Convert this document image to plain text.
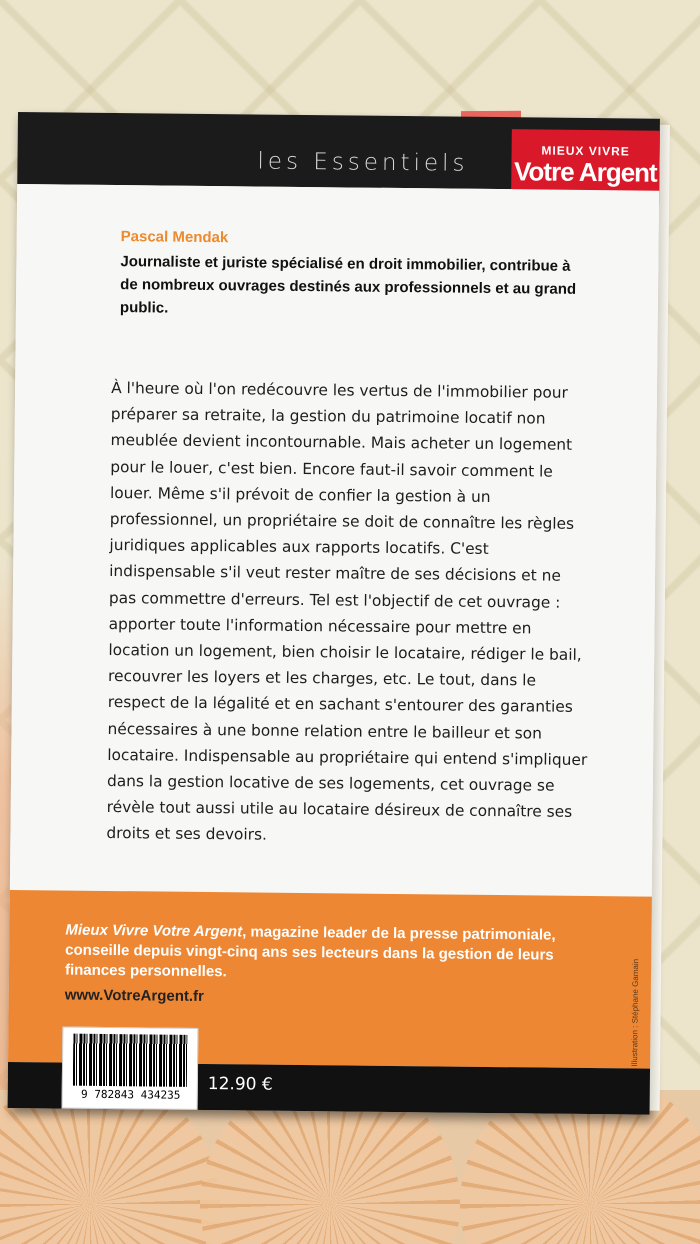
les Essentiels	MIEUX VIVRE
Votre Argent
Pascal Mendak
Journaliste et juriste spécialisé en droit immobilier, contribue à de nombreux ouvrages destinés aux professionnels et au grand public.

À l'heure où l'on redécouvre les vertus de l'immobilier pour préparer sa retraite, la gestion du patrimoine locatif non meublée devient incontournable. Mais acheter un logement pour le louer, c'est bien. Encore faut-il savoir comment le louer. Même s'il prévoit de confier la gestion à un professionnel, un propriétaire se doit de connaître les règles juridiques applicables aux rapports locatifs. C'est indispensable s'il veut rester maître de ses décisions et ne pas commettre d'erreurs. Tel est l'objectif de cet ouvrage : apporter toute l'information nécessaire pour mettre en location un logement, bien choisir le locataire, rédiger le bail, recouvrer les loyers et les charges, etc. Le tout, dans le respect de la légalité et en sachant s'entourer des garanties nécessaires à une bonne relation entre le bailleur et son locataire. Indispensable au propriétaire qui entend s'impliquer dans la gestion locative de ses logements, cet ouvrage se révèle tout aussi utile au locataire désireux de connaître ses droits et ses devoirs.

Mieux Vivre Votre Argent, magazine leader de la presse patrimoniale, conseille depuis vingt-cinq ans ses lecteurs dans la gestion de leurs finances personnelles.
www.VotreArgent.fr	Illustration : Stéphane Gamain
9 782843 434235
12.90 €
